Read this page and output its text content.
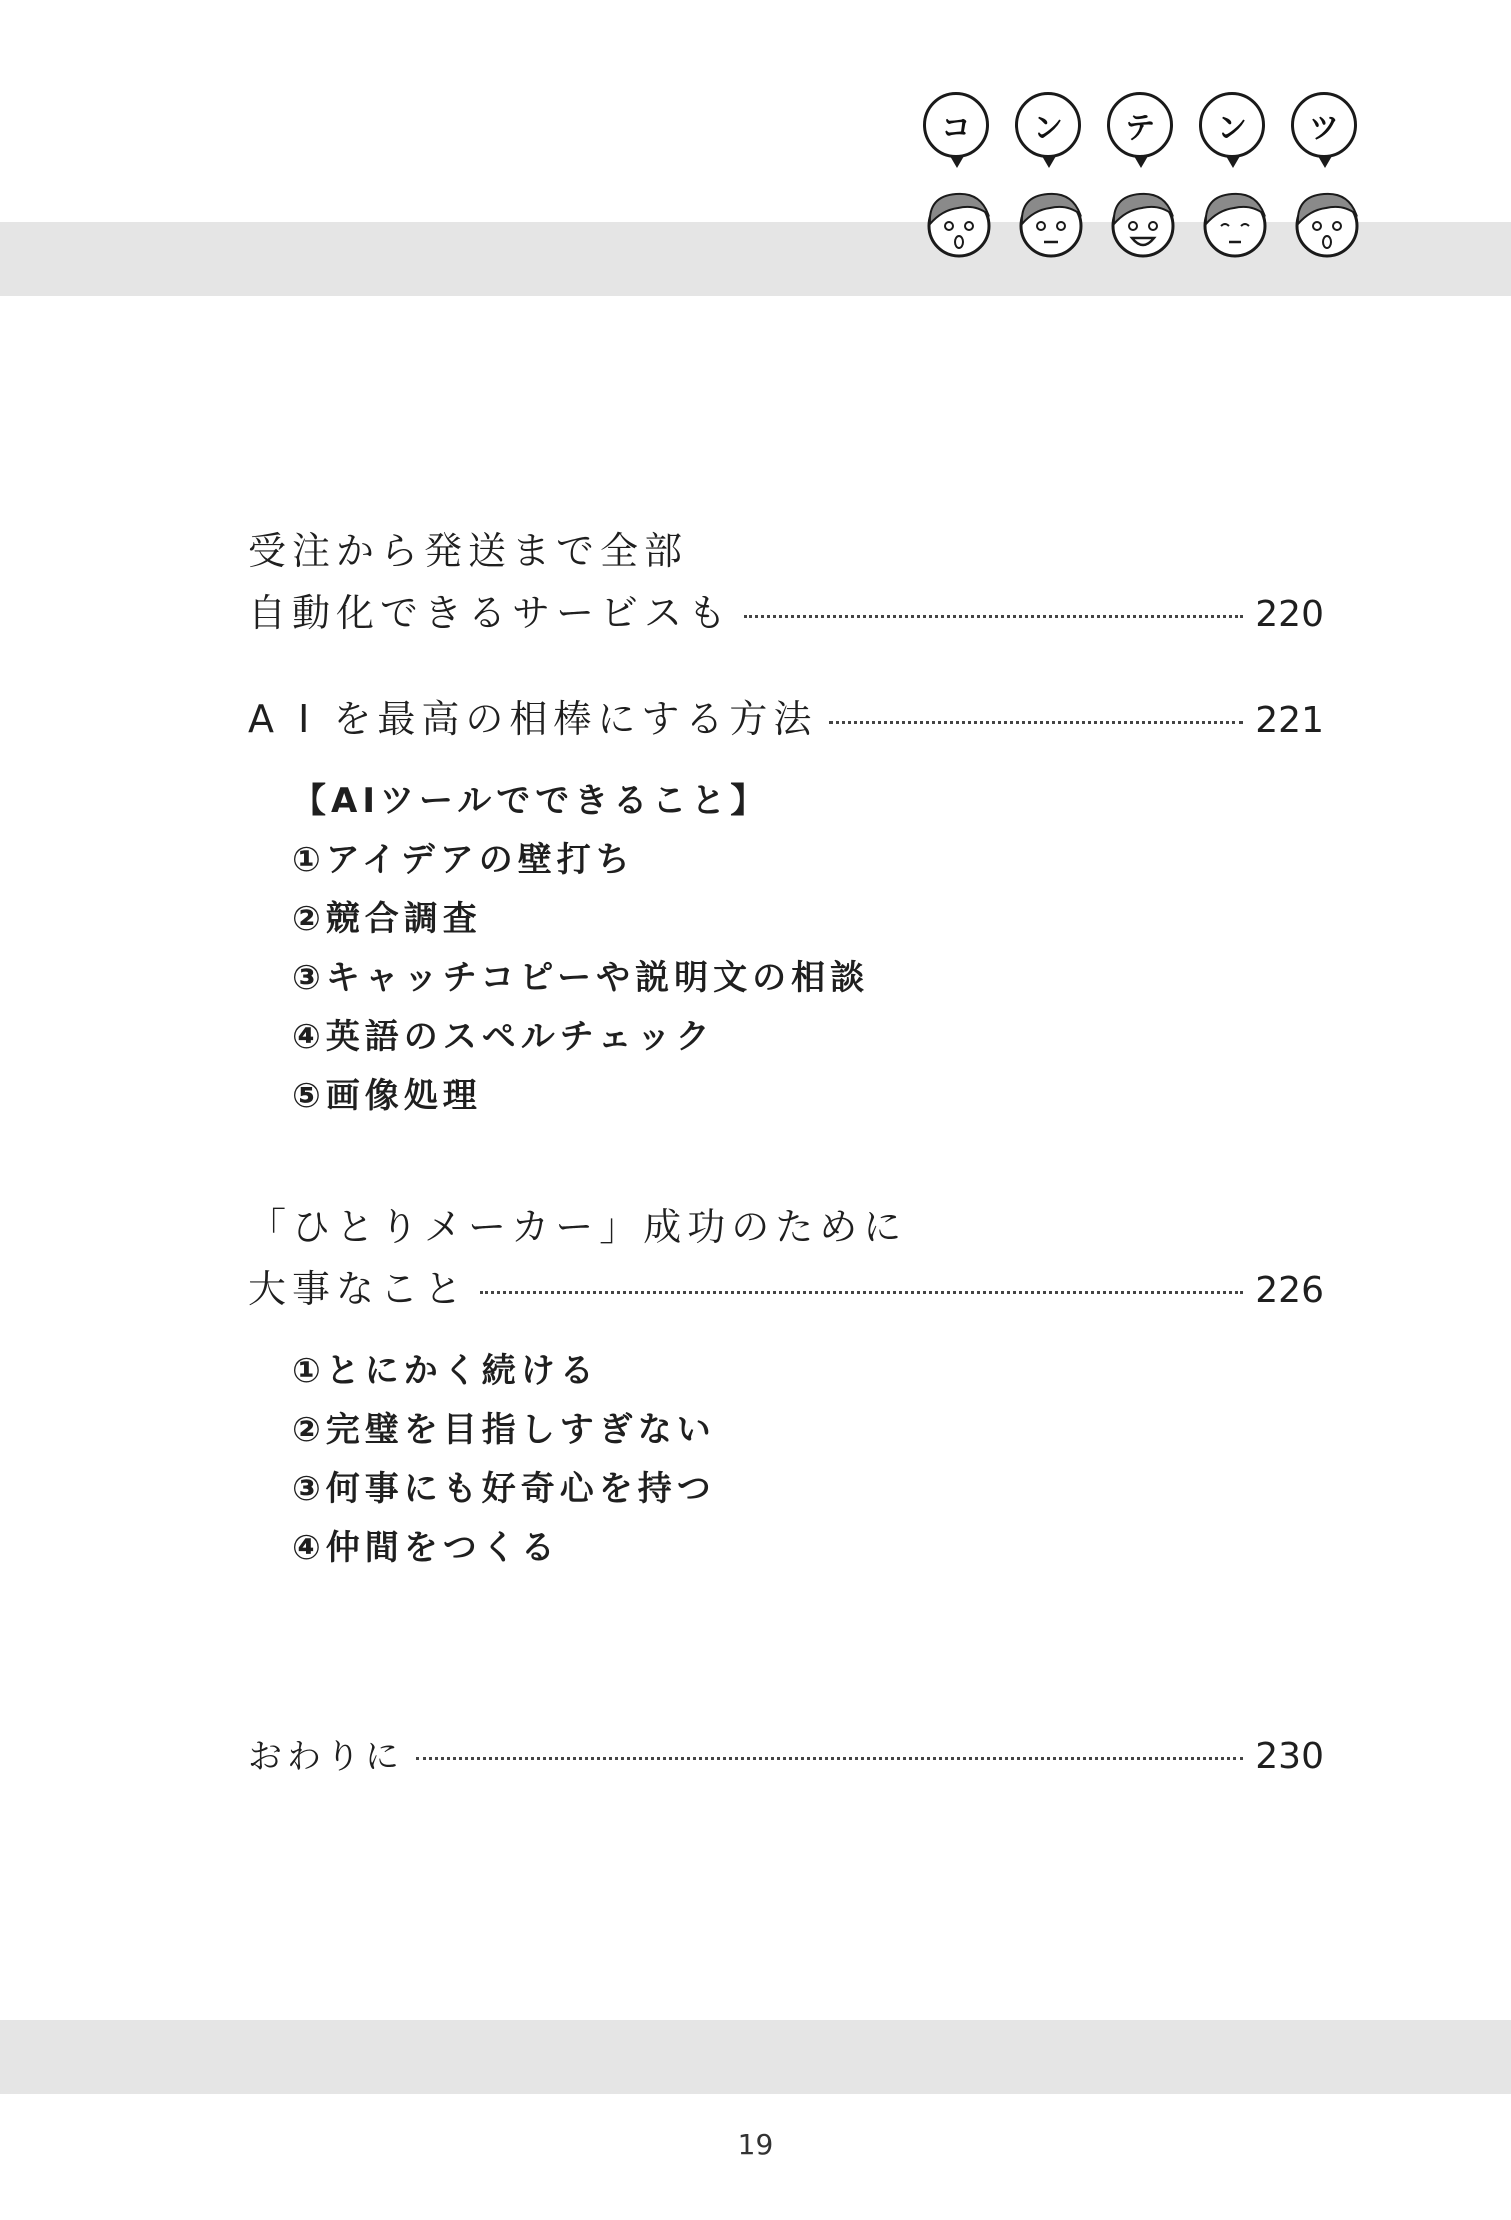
コ	ン	テ	ン	ツ
受注から発送まで全部
自動化できるサービスも	220
A I を最高の相棒にする方法	221
【AIツールでできること】
①アイデアの壁打ち
②競合調査
③キャッチコピーや説明文の相談
④英語のスペルチェック
⑤画像処理
「ひとりメーカー」成功のために
大事なこと	226
①とにかく続ける
②完璧を目指しすぎない
③何事にも好奇心を持つ
④仲間をつくる
おわりに	230
19
